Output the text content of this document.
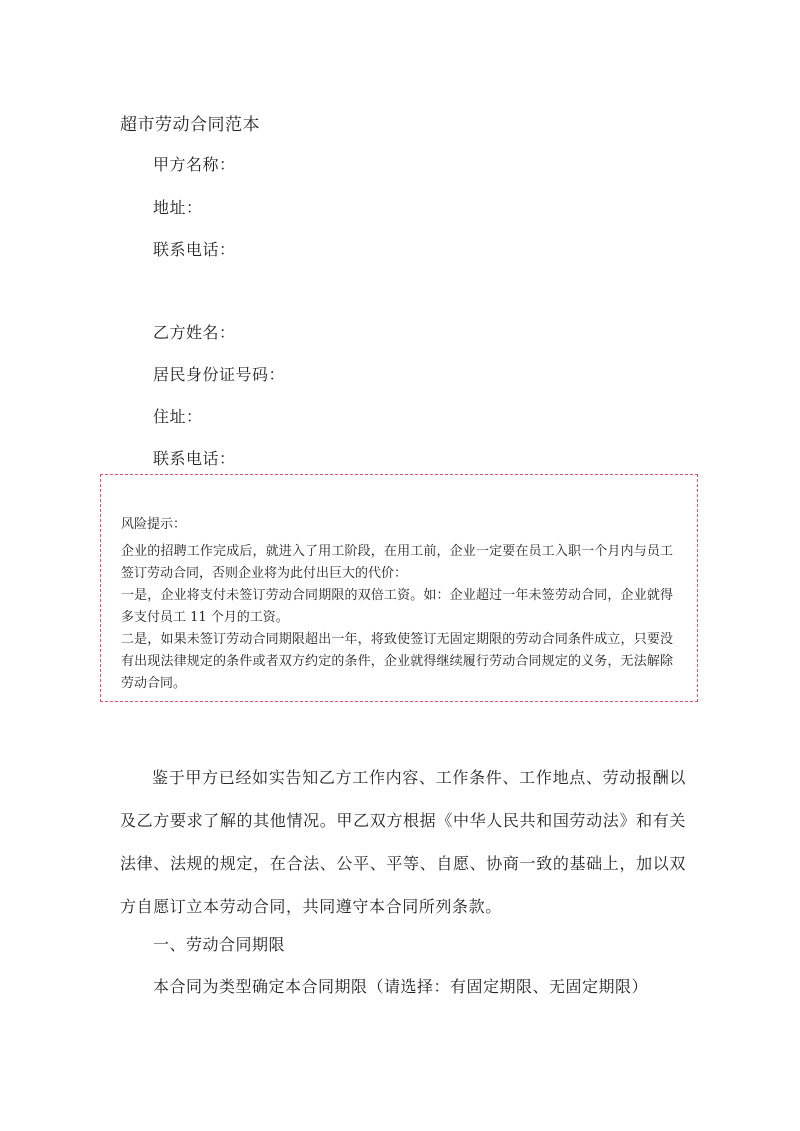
超市劳动合同范本
甲方名称：
地址：
联系电话：
乙方姓名：
居民身份证号码：
住址：
联系电话：
风险提示：

企业的招聘工作完成后，就进入了用工阶段，在用工前，企业一定要在员工入职一个月内与员工签订劳动合同，否则企业将为此付出巨大的代价：

一是，企业将支付未签订劳动合同期限的双倍工资。如：企业超过一年未签劳动合同，企业就得多支付员工 11 个月的工资。

二是，如果未签订劳动合同期限超出一年，将致使签订无固定期限的劳动合同条件成立，只要没有出现法律规定的条件或者双方约定的条件，企业就得继续履行劳动合同规定的义务，无法解除劳动合同。

鉴于甲方已经如实告知乙方工作内容、工作条件、工作地点、劳动报酬以及乙方要求了解的其他情况。甲乙双方根据《中华人民共和国劳动法》和有关法律、法规的规定，在合法、公平、平等、自愿、协商一致的基础上，加以双方自愿订立本劳动合同，共同遵守本合同所列条款。
一、劳动合同期限
本合同为类型确定本合同期限（请选择：有固定期限、无固定期限）
